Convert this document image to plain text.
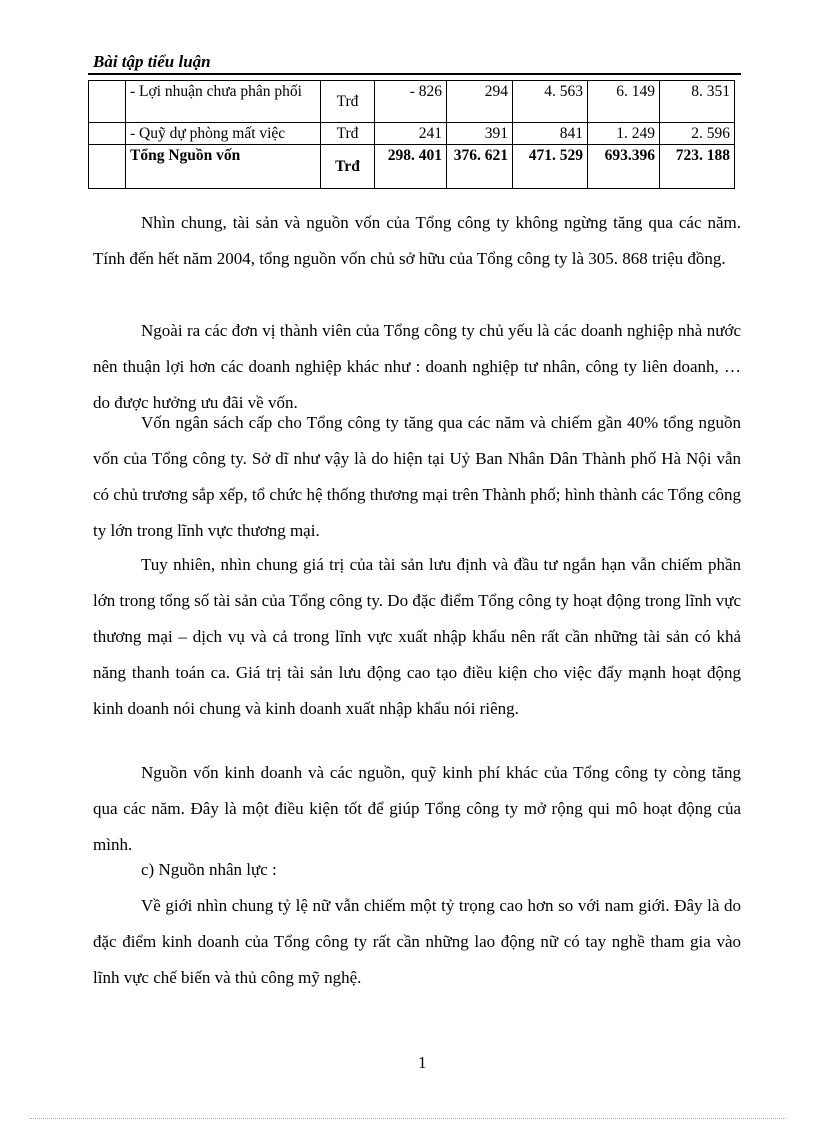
Bài tập tiểu luận
	- Lợi nhuận chưa phân phối	Trđ	- 826	294	4. 563	6. 149	8. 351
	- Quỹ dự phòng mất việc	Trđ	241	391	841	1. 249	2. 596
	Tổng Nguồn vốn	Trđ	298. 401	376. 621	471. 529	693.396	723. 188

Nhìn chung, tài sản và nguồn vốn của Tổng công ty không ngừng tăng qua các năm. Tính đến hết năm 2004, tổng nguồn vốn chủ sở hữu của Tổng công ty là 305. 868 triệu đồng.

Ngoài ra các đơn vị thành viên của Tổng công ty chủ yếu là các doanh nghiệp nhà nước nên thuận lợi hơn các doanh nghiệp khác như : doanh nghiệp tư nhân, công ty liên doanh, … do được hưởng ưu đãi về vốn.

Vốn ngân sách cấp cho Tổng công ty tăng qua các năm và chiếm gần 40% tổng nguồn vốn của Tổng công ty. Sở dĩ như vậy là do hiện tại Uỷ Ban Nhân Dân Thành phố Hà Nội vẫn có chủ trương sắp xếp, tổ chức hệ thống thương mại trên Thành phố; hình thành các Tổng công ty lớn trong lĩnh vực thương mại.

Tuy nhiên, nhìn chung giá trị của tài sản lưu định và đầu tư ngắn hạn vẫn chiếm phần lớn trong tổng số tài sản của Tổng công ty. Do đặc điểm Tổng công ty hoạt động trong lĩnh vực thương mại – dịch vụ và cả trong lĩnh vực xuất nhập khẩu nên rất cần những tài sản có khả năng thanh toán ca. Giá trị tài sản lưu động cao tạo điều kiện cho việc đẩy mạnh hoạt động kinh doanh nói chung và kinh doanh xuất nhập khẩu nói riêng.

Nguồn vốn kinh doanh và các nguồn, quỹ kinh phí khác của Tổng công ty còng tăng qua các năm. Đây là một điều kiện tốt để giúp Tổng công ty mở rộng qui mô hoạt động của mình.

c) Nguồn nhân lực :

Về giới nhìn chung tỷ lệ nữ vẫn chiếm một tỷ trọng cao hơn so với nam giới. Đây là do đặc điểm kinh doanh của Tổng công ty rất cần những lao động nữ có tay nghề tham gia vào lĩnh vực chế biến và thủ công mỹ nghệ.

1
